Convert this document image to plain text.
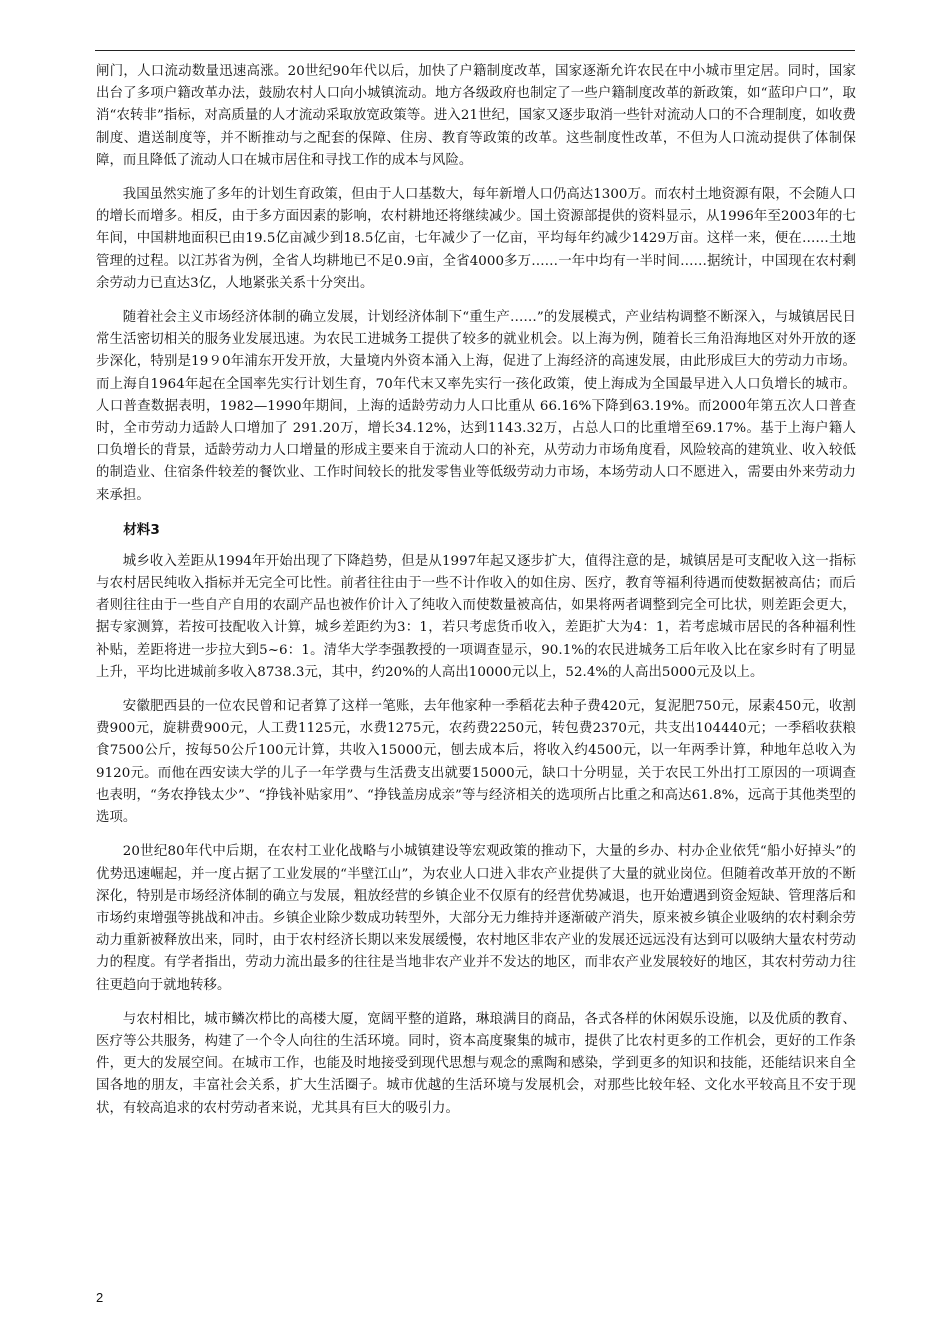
闸门，人口流动数量迅速高涨。20世纪90年代以后，加快了户籍制度改革，国家逐渐允许农民在中小城市里定居。同时，国家出台了多项户籍改革办法，鼓励农村人口向小城镇流动。地方各级政府也制定了一些户籍制度改革的新政策，如“蓝印户口”，取消“农转非”指标，对高质量的人才流动采取放宽政策等。进入21世纪，国家又逐步取消一些针对流动人口的不合理制度，如收费制度、遣送制度等，并不断推动与之配套的保障、住房、教育等政策的改革。这些制度性改革，不但为人口流动提供了体制保障，而且降低了流动人口在城市居住和寻找工作的成本与风险。

我国虽然实施了多年的计划生育政策，但由于人口基数大，每年新增人口仍高达1300万。而农村土地资源有限，不会随人口的增长而增多。相反，由于多方面因素的影响，农村耕地还将继续减少。国土资源部提供的资料显示，从1996年至2003年的七年间，中国耕地面积已由19.5亿亩减少到18.5亿亩，七年减少了一亿亩，平均每年约减少1429万亩。这样一来，便在……土地管理的过程。以江苏省为例，全省人均耕地已不足0.9亩，全省4000多万……一年中均有一半时间……据统计，中国现在农村剩余劳动力已直达3亿，人地紧张关系十分突出。

随着社会主义市场经济体制的确立发展，计划经济体制下“重生产……”的发展模式，产业结构调整不断深入，与城镇居民日常生活密切相关的服务业发展迅速。为农民工进城务工提供了较多的就业机会。以上海为例，随着长三角沿海地区对外开放的逐步深化，特别是19９0年浦东开发开放，大量境内外资本涌入上海，促进了上海经济的高速发展，由此形成巨大的劳动力市场。而上海自1964年起在全国率先实行计划生育，70年代末又率先实行一孩化政策，使上海成为全国最早进入人口负增长的城市。人口普查数据表明，1982—1990年期间，上海的适龄劳动力人口比重从 66.16%下降到63.19%。而2000年第五次人口普查时，全市劳动力适龄人口增加了 291.20万，增长34.12%，达到1143.32万，占总人口的比重增至69.17%。基于上海户籍人口负增长的背景，适龄劳动力人口增量的形成主要来自于流动人口的补充，从劳动力市场角度看，风险较高的建筑业、收入较低的制造业、住宿条件较差的餐饮业、工作时间较长的批发零售业等低级劳动力市场，本场劳动人口不愿进入，需要由外来劳动力来承担。

材料3

城乡收入差距从1994年开始出现了下降趋势，但是从1997年起又逐步扩大，值得注意的是，城镇居是可支配收入这一指标与农村居民纯收入指标并无完全可比性。前者往往由于一些不计作收入的如住房、医疗，教育等福利待遇而使数据被高估；而后者则往往由于一些自产自用的农副产品也被作价计入了纯收入而使数量被高估，如果将两者调整到完全可比状，则差距会更大，据专家测算，若按可技配收入计算，城乡差距约为3：1，若只考虑货币收入，差距扩大为4：1，若考虑城市居民的各种福利性补贴，差距将进一步拉大到5~6：1。清华大学李强教授的一项调查显示，90.1%的农民进城务工后年收入比在家乡时有了明显上升，平均比进城前多收入8738.3元，其中，约20%的人高出10000元以上，52.4%的人高出5000元及以上。

安徽肥西县的一位农民曾和记者算了这样一笔账，去年他家种一季稻花去种子费420元，复泥肥750元，尿素450元，收割费900元，旋耕费900元，人工费1125元，水费1275元，农药费2250元，转包费2370元，共支出104440元；一季稻收获粮食7500公斤，按每50公斤100元计算，共收入15000元，刨去成本后，将收入约4500元，以一年两季计算，种地年总收入为9120元。而他在西安读大学的儿子一年学费与生活费支出就要15000元，缺口十分明显，关于农民工外出打工原因的一项调查也表明，“务农挣钱太少”、“挣钱补贴家用”、“挣钱盖房成亲”等与经济相关的选项所占比重之和高达61.8%，远高于其他类型的选项。

20世纪80年代中后期，在农村工业化战略与小城镇建设等宏观政策的推动下，大量的乡办、村办企业依凭“船小好掉头”的优势迅速崛起，并一度占据了工业发展的“半壁江山”，为农业人口进入非农产业提供了大量的就业岗位。但随着改革开放的不断深化，特别是市场经济体制的确立与发展，粗放经营的乡镇企业不仅原有的经营优势减退，也开始遭遇到资金短缺、管理落后和市场约束增强等挑战和冲击。乡镇企业除少数成功转型外，大部分无力维持并逐渐破产消失，原来被乡镇企业吸纳的农村剩余劳动力重新被释放出来，同时，由于农村经济长期以来发展缓慢，农村地区非农产业的发展还远远没有达到可以吸纳大量农村劳动力的程度。有学者指出，劳动力流出最多的往往是当地非农产业并不发达的地区，而非农产业发展较好的地区，其农村劳动力往往更趋向于就地转移。

与农村相比，城市鳞次栉比的高楼大厦，宽阔平整的道路，琳琅满目的商品，各式各样的休闲娱乐设施，以及优质的教育、医疗等公共服务，构建了一个令人向往的生活环境。同时，资本高度聚集的城市，提供了比农村更多的工作机会，更好的工作条件，更大的发展空间。在城市工作，也能及时地接受到现代思想与观念的熏陶和感染，学到更多的知识和技能，还能结识来自全国各地的朋友，丰富社会关系，扩大生活圈子。城市优越的生活环境与发展机会，对那些比较年轻、文化水平较高且不安于现状，有较高追求的农村劳动者来说，尤其具有巨大的吸引力。

2
